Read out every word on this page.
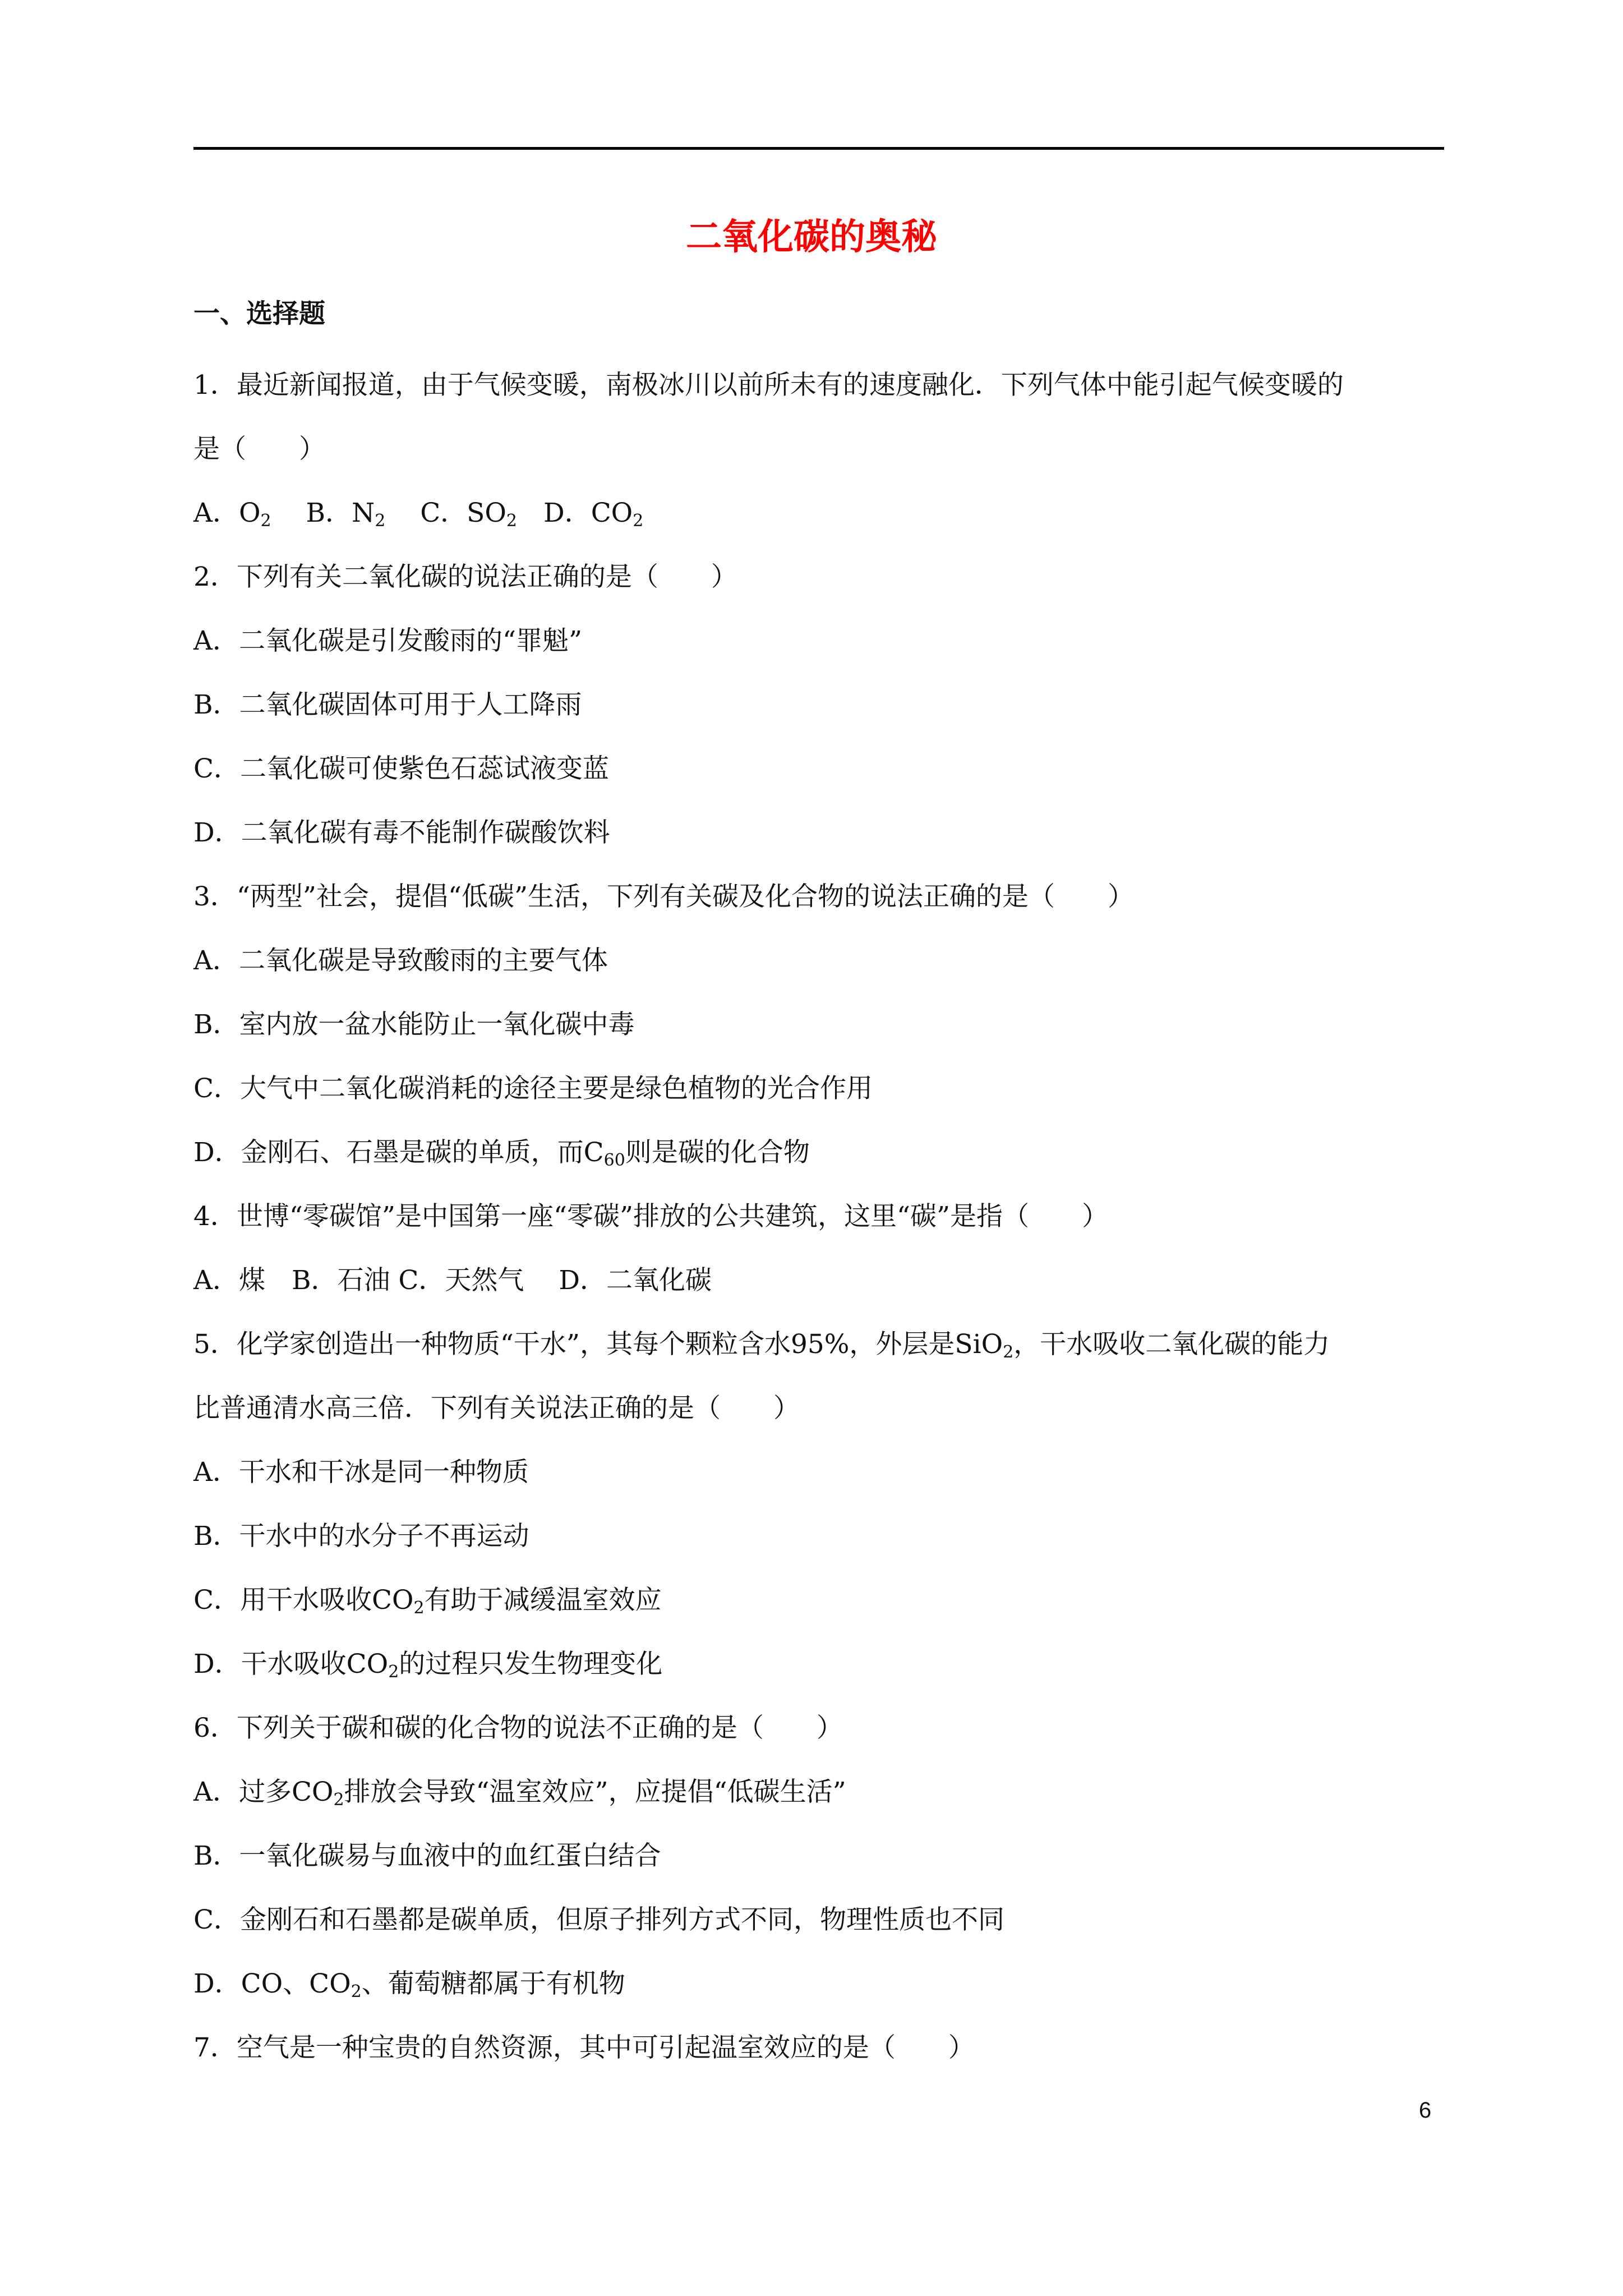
二氧化碳的奥秘
一、选择题
1．最近新闻报道，由于气候变暖，南极冰川以前所未有的速度融化．下列气体中能引起气候变暖的
是（　　）
A．$O_2$　 B．$N_2$　 C．$SO_2$　D．$CO_2$
2．下列有关二氧化碳的说法正确的是（　　）
A．二氧化碳是引发酸雨的“罪魁”
B．二氧化碳固体可用于人工降雨
C．二氧化碳可使紫色石蕊试液变蓝
D．二氧化碳有毒不能制作碳酸饮料
3．“两型”社会，提倡“低碳”生活，下列有关碳及化合物的说法正确的是（　　）
A．二氧化碳是导致酸雨的主要气体
B．室内放一盆水能防止一氧化碳中毒
C．大气中二氧化碳消耗的途径主要是绿色植物的光合作用
D．金刚石、石墨是碳的单质，而$C_{60}$则是碳的化合物
4．世博“零碳馆”是中国第一座“零碳”排放的公共建筑，这里“碳”是指（　　）
A．煤　B．石油 C．天然气　 D．二氧化碳
5．化学家创造出一种物质“干水”，其每个颗粒含水95%，外层是SiO$_2$，干水吸收二氧化碳的能力
比普通清水高三倍．下列有关说法正确的是（　　）
A．干水和干冰是同一种物质
B．干水中的水分子不再运动
C．用干水吸收$CO_2$有助于减缓温室效应
D．干水吸收$CO_2$的过程只发生物理变化
6．下列关于碳和碳的化合物的说法不正确的是（　　）
A．过多$CO_2$排放会导致“温室效应”，应提倡“低碳生活”
B．一氧化碳易与血液中的血红蛋白结合
C．金刚石和石墨都是碳单质，但原子排列方式不同，物理性质也不同
D．CO、$CO_2$、葡萄糖都属于有机物
7．空气是一种宝贵的自然资源，其中可引起温室效应的是（　　）
6
